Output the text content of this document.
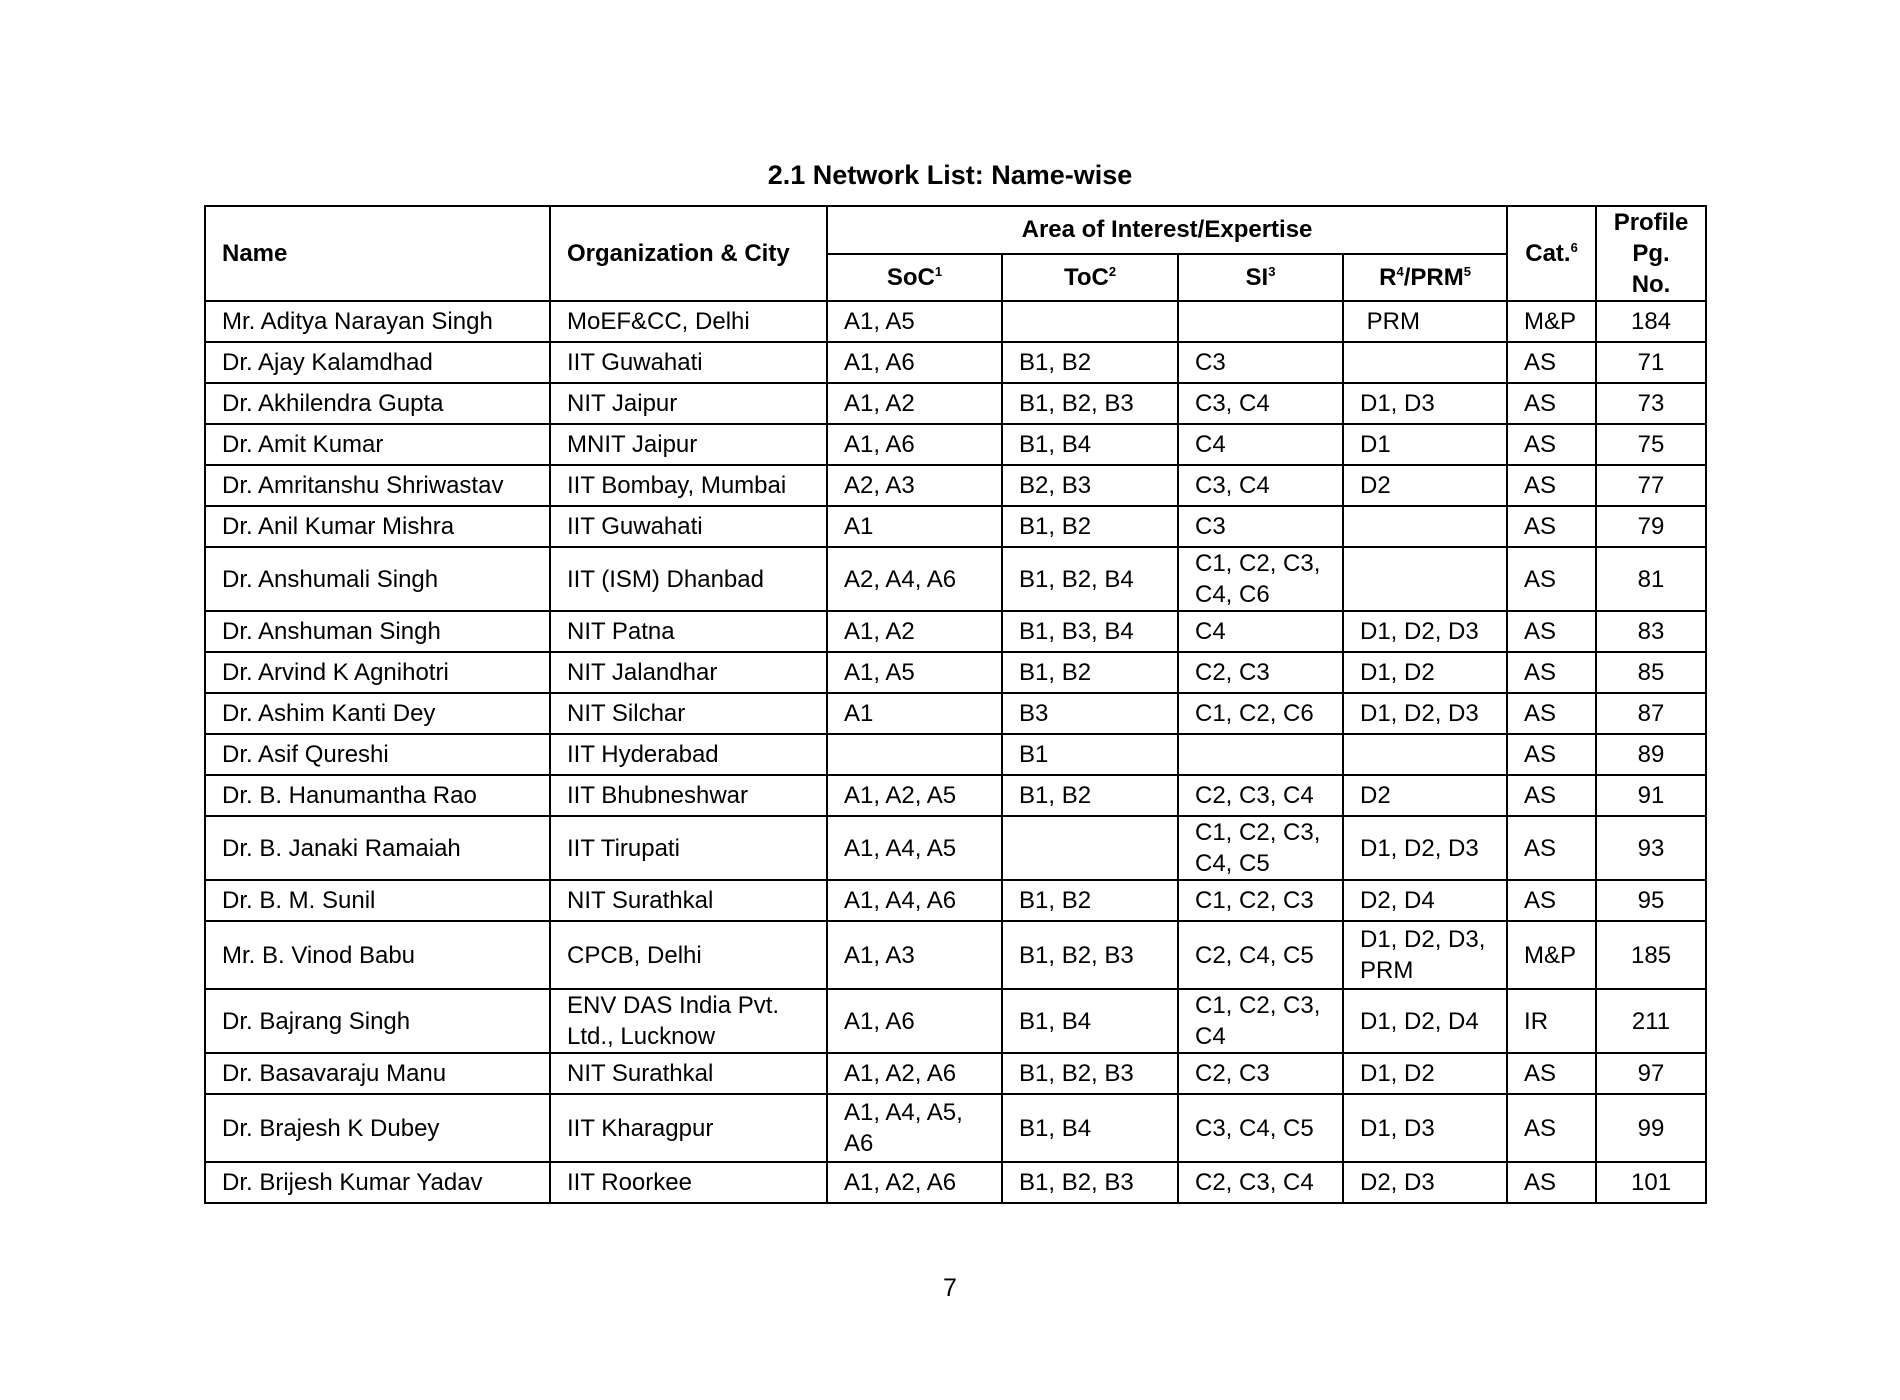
2.1 Network List: Name-wise
Name	Organization & City	Area of Interest/Expertise				Cat.$^6$	Profile
Pg. No.
		SoC$^1$	ToC$^2$	$SI^3$	$R^4/PRM^5$
Mr. Aditya Narayan Singh	MoEF&CC, Delhi	A1, A5			PRM	M&P	184
Dr. Ajay Kalamdhad	IIT Guwahati	A1, A6	B1, B2	C3		AS	71
Dr. Akhilendra Gupta	NIT Jaipur	A1, A2	B1, B2, B3	C3, C4	D1, D3	AS	73
Dr. Amit Kumar	MNIT Jaipur	A1, A6	B1, B4	C4	D1	AS	75
Dr. Amritanshu Shriwastav	IIT Bombay, Mumbai	A2, A3	B2, B3	C3, C4	D2	AS	77
Dr. Anil Kumar Mishra	IIT Guwahati	A1	B1, B2	C3		AS	79
Dr. Anshumali Singh	IIT (ISM) Dhanbad	A2, A4, A6	B1, B2, B4	C1, C2, C3, C4, C6		AS	81
Dr. Anshuman Singh	NIT Patna	A1, A2	B1, B3, B4	C4	D1, D2, D3	AS	83
Dr. Arvind K Agnihotri	NIT Jalandhar	A1, A5	B1, B2	C2, C3	D1, D2	AS	85
Dr. Ashim Kanti Dey	NIT Silchar	A1	B3	C1, C2, C6	D1, D2, D3	AS	87
Dr. Asif Qureshi	IIT Hyderabad		B1			AS	89
Dr. B. Hanumantha Rao	IIT Bhubneshwar	A1, A2, A5	B1, B2	C2, C3, C4	D2	AS	91
Dr. B. Janaki Ramaiah	IIT Tirupati	A1, A4, A5		C1, C2, C3, C4, C5	D1, D2, D3	AS	93
Dr. B. M. Sunil	NIT Surathkal	A1, A4, A6	B1, B2	C1, C2, C3	D2, D4	AS	95
Mr. B. Vinod Babu	CPCB, Delhi	A1, A3	B1, B2, B3	C2, C4, C5	D1, D2, D3, PRM	M&P	185
Dr. Bajrang Singh	ENV DAS India Pvt. Ltd., Lucknow	A1, A6	B1, B4	C1, C2, C3, C4	D1, D2, D4	IR	211
Dr. Basavaraju Manu	NIT Surathkal	A1, A2, A6	B1, B2, B3	C2, C3	D1, D2	AS	97
Dr. Brajesh K Dubey	IIT Kharagpur	A1, A4, A5, A6	B1, B4	C3, C4, C5	D1, D3	AS	99
Dr. Brijesh Kumar Yadav	IIT Roorkee	A1, A2, A6	B1, B2, B3	C2, C3, C4	D2, D3	AS	101
7
